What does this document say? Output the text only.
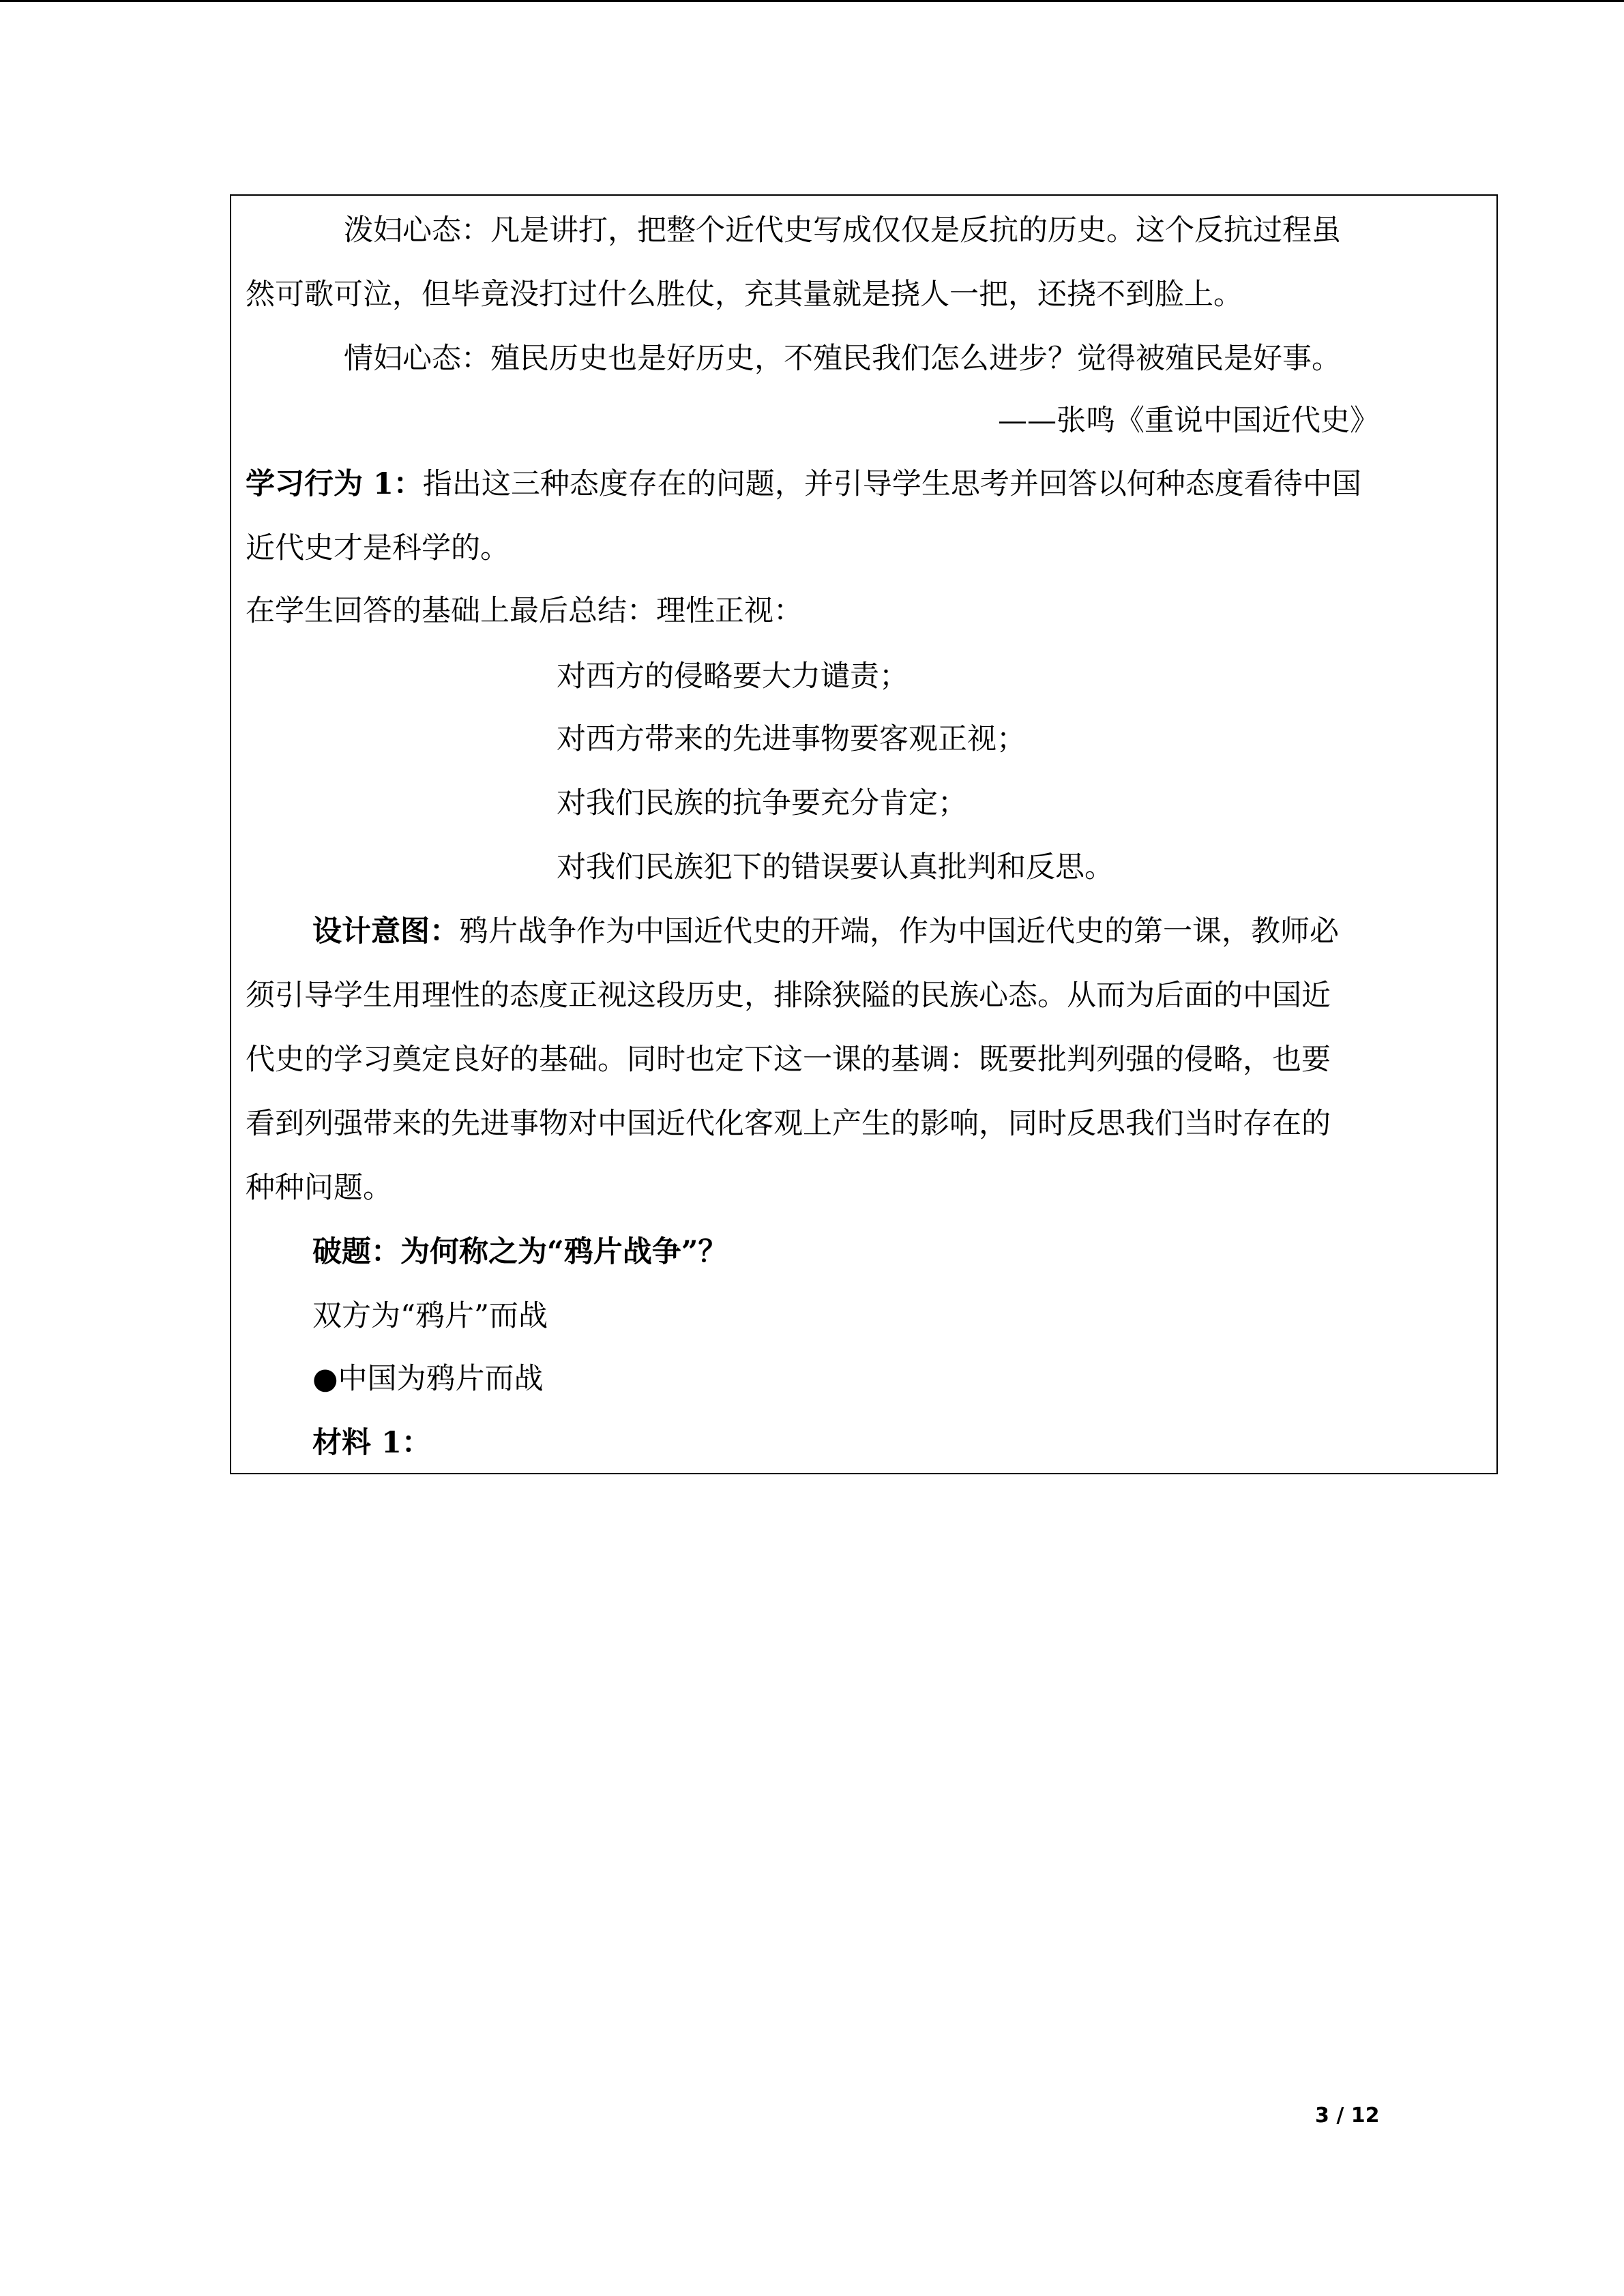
泼妇心态：凡是讲打，把整个近代史写成仅仅是反抗的历史。这个反抗过程虽
然可歌可泣，但毕竟没打过什么胜仗，充其量就是挠人一把，还挠不到脸上。
情妇心态：殖民历史也是好历史，不殖民我们怎么进步？觉得被殖民是好事。
——张鸣《重说中国近代史》
学习行为 1：指出这三种态度存在的问题，并引导学生思考并回答以何种态度看待中国
近代史才是科学的。
在学生回答的基础上最后总结：理性正视：
对西方的侵略要大力谴责；
对西方带来的先进事物要客观正视；
对我们民族的抗争要充分肯定；
对我们民族犯下的错误要认真批判和反思。
设计意图：鸦片战争作为中国近代史的开端，作为中国近代史的第一课，教师必
须引导学生用理性的态度正视这段历史，排除狭隘的民族心态。从而为后面的中国近
代史的学习奠定良好的基础。同时也定下这一课的基调：既要批判列强的侵略，也要
看到列强带来的先进事物对中国近代化客观上产生的影响，同时反思我们当时存在的
种种问题。
破题：为何称之为“鸦片战争”？
双方为“鸦片”而战
●中国为鸦片而战
材料 1：
3 / 12
